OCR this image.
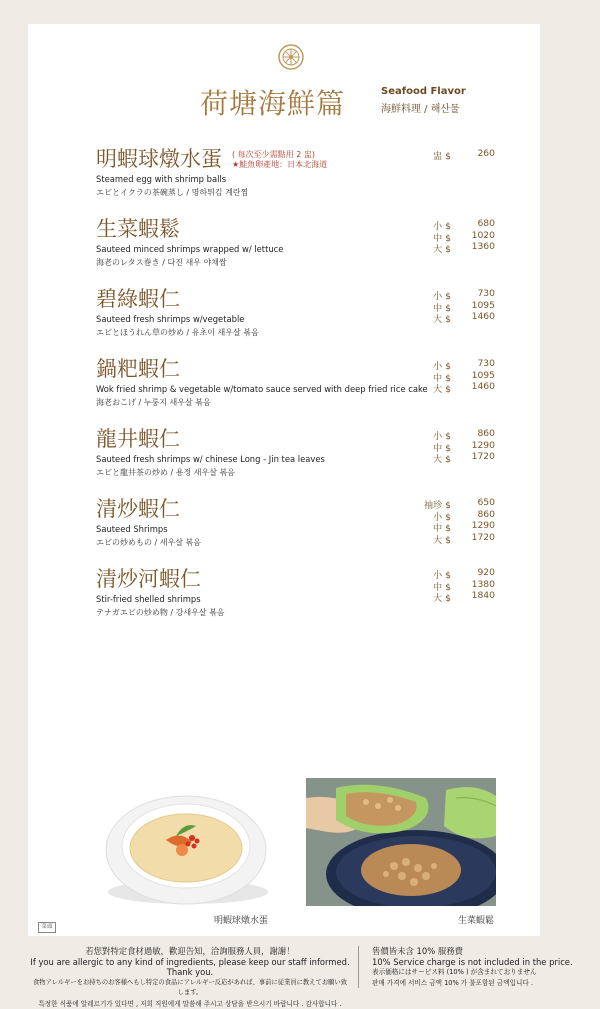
荷塘海鮮篇	Seafood Flavor
海鮮料理 / 해산물
明蝦球燉水蛋
Steamed egg with shrimp balls
エビとイクラの茶碗蒸し / 명하튀김 계란찜
( 每次至少需點用 2 盅)
★鮭魚卵產地：日本北海道
盅 $	260
生菜蝦鬆
Sauteed minced shrimps wrapped w/ lettuce
海老のレタス巻き / 다진 새우 야채쌈
小 $	680
中 $ 1020
大 $ 1360
碧綠蝦仁
Sauteed fresh shrimps w/vegetable
エビとほうれん草の炒め / 유초이 새우살 볶음
小 $	730
中 $ 1095
大 $ 1460
鍋粑蝦仁
Wok fried shrimp & vegetable w/tomato sauce served with deep fried rice cake
海老おこげ / 누룽지 새우살 볶음
小 $	730
中 $ 1095
大 $ 1460
龍井蝦仁
Sauteed fresh shrimps w/ chinese Long - Jin tea leaves
エビと龍井茶の炒め / 용정 새우살 볶음
小 $	860
中 $ 1290
大 $ 1720
清炒蝦仁
Sauteed Shrimps
エビの炒めもの / 새우살 볶음
袖珍 $	650
小 $	860
中 $ 1290
大 $ 1720
清炒河蝦仁
Stir-fried shelled shrimps
テナガエビの炒め物 / 강새우살 볶음
小 $	920
中 $ 1380
大 $ 1840
明蝦球燉水蛋	生菜蝦鬆
菜頭
若您對特定食材過敏，歡迎告知，洽詢服務人員，謝謝！
If you are allergic to any kind of ingredients, please keep our staff informed. Thank you.
食物アレルギーをお持ちのお客様へもし特定の食品にアレルギー反応があれば、事前に従業員に教えてお願い致します。
특정한 식품에 알레르기가 있다면 , 저희 직원에게 말씀해 주시고 상담을 받으시기 바랍니다 . 감사합니다 .
售價皆未含 10% 服務費
10% Service charge is not included in the price.
表示価格にはサービス料 (10% ) が含まれておりません
판매 가격에 서비스 금액 10% 가 불포함된 금액입니다 .
